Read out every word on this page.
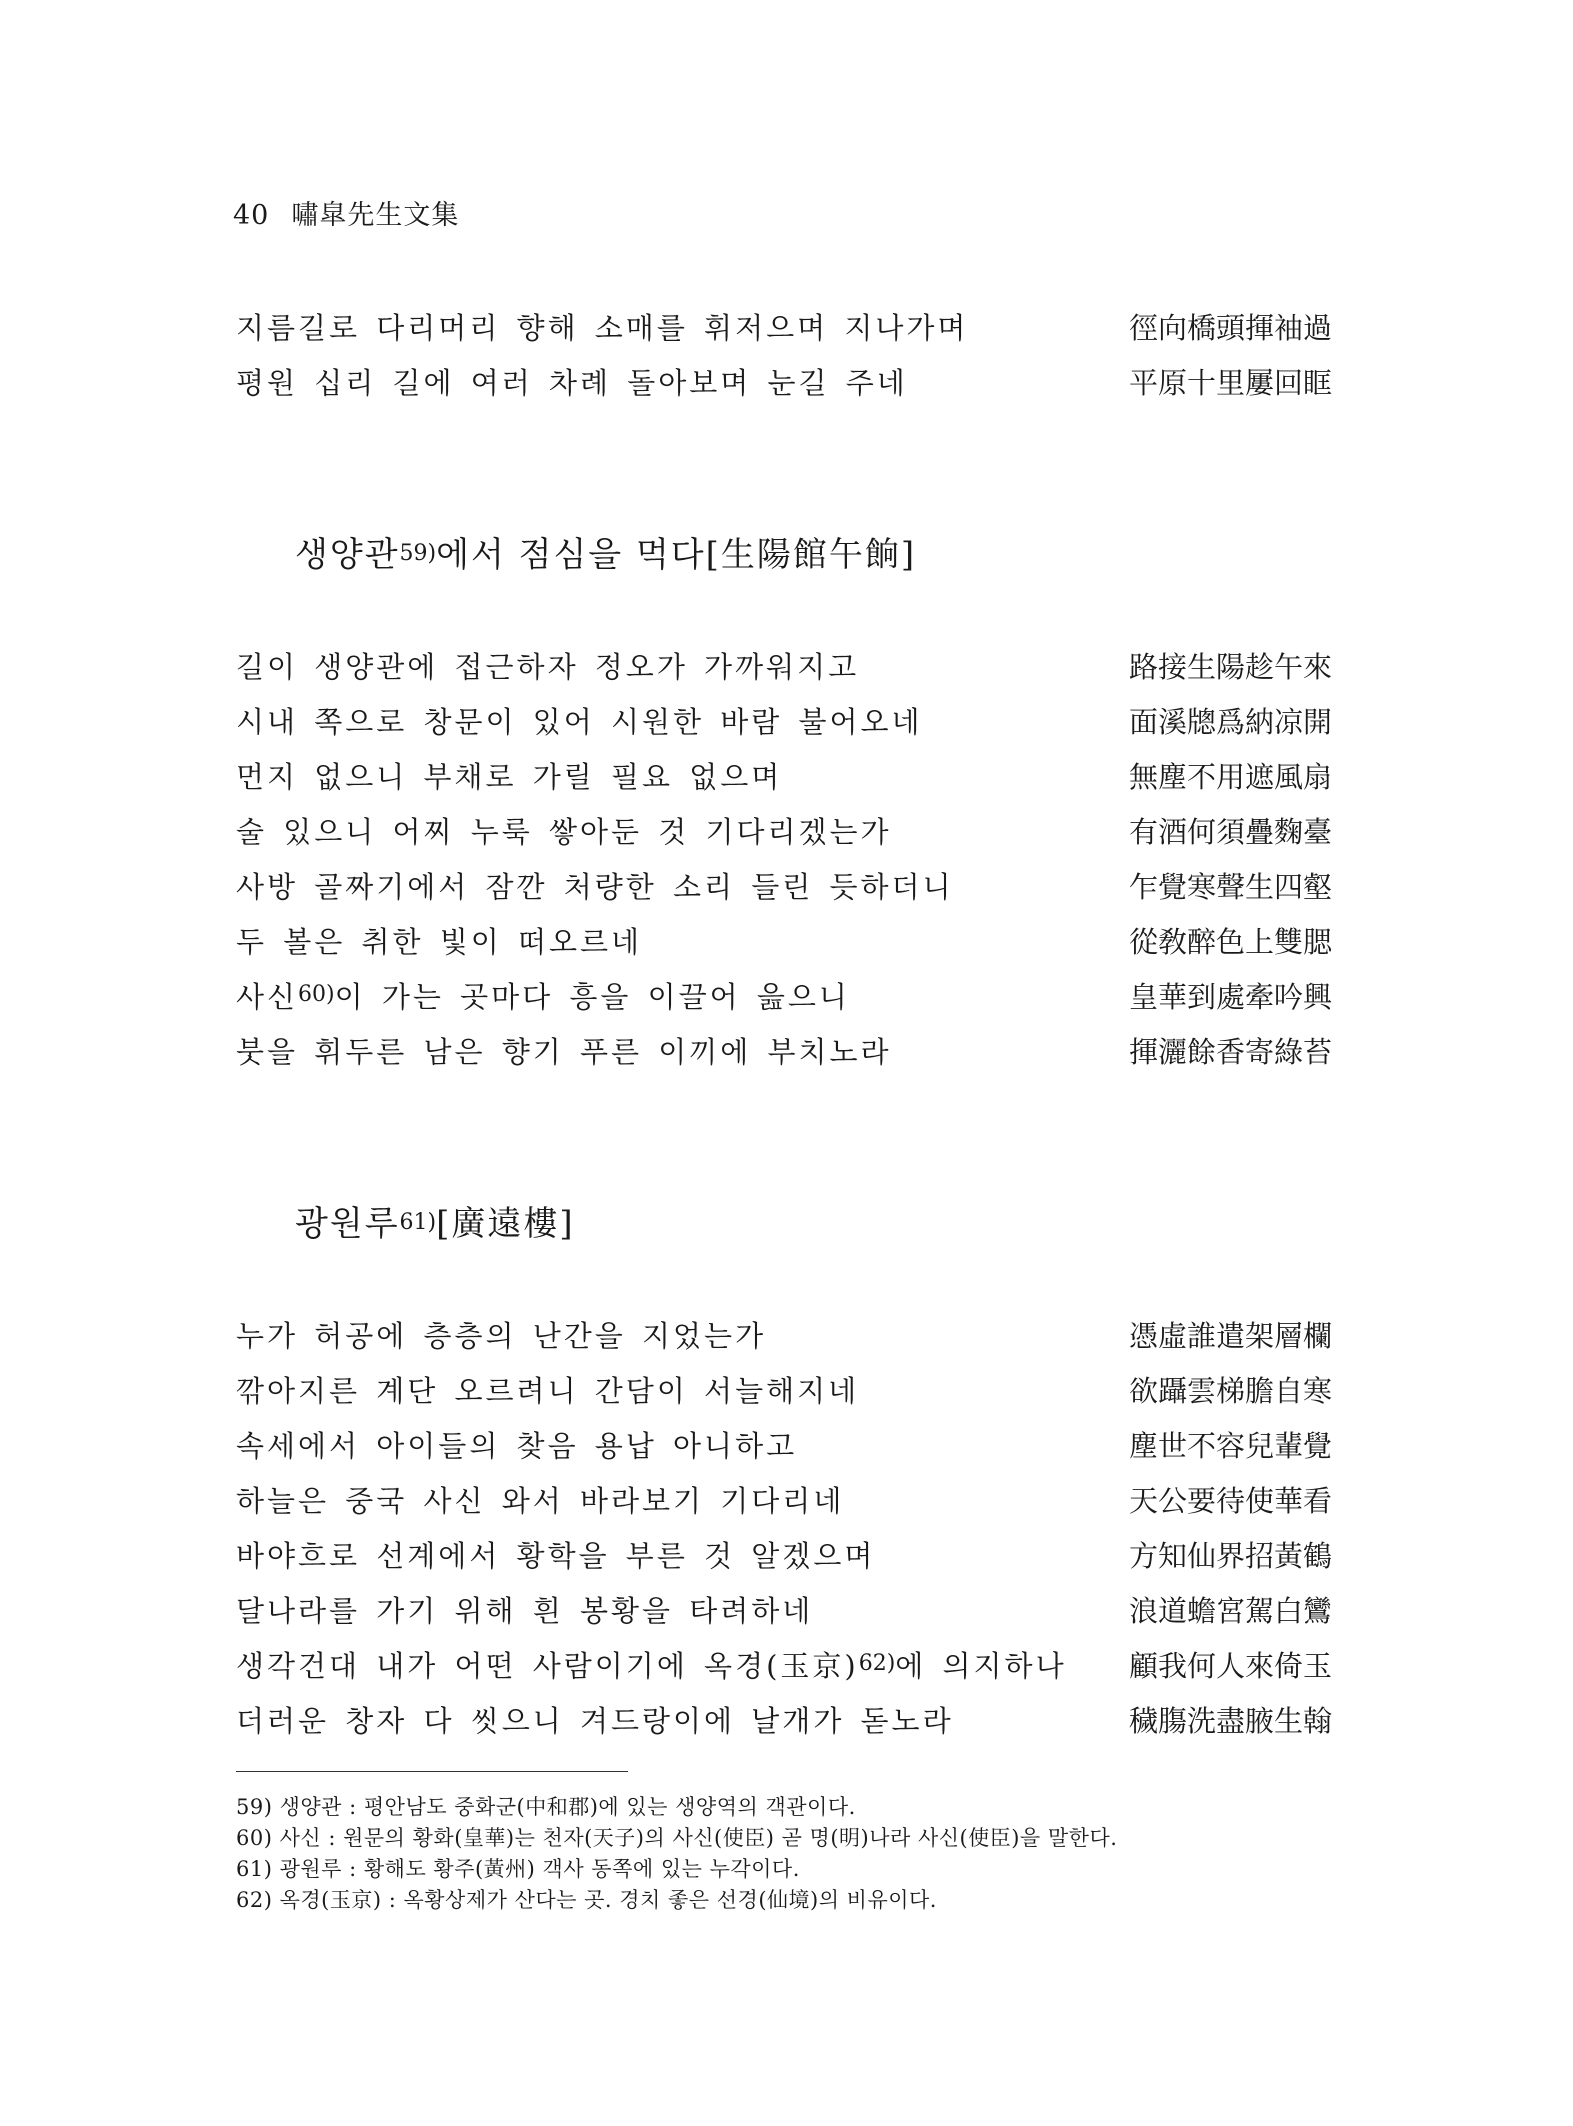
40 嘯皐先生文集
지름길로 다리머리 향해 소매를 휘저으며 지나가며	徑向橋頭揮袖過
평원 십리 길에 여러 차례 돌아보며 눈길 주네	平原十里屢回眶
생양관$^{59)}$에서 점심을 먹다[生陽館午餉]
길이 생양관에 접근하자 정오가 가까워지고	路接生陽趁午來
시내 쪽으로 창문이 있어 시원한 바람 불어오네	面溪牕爲納凉開
먼지 없으니 부채로 가릴 필요 없으며	無塵不用遮風扇
술 있으니 어찌 누룩 쌓아둔 것 기다리겠는가	有酒何須疊麴臺
사방 골짜기에서 잠깐 처량한 소리 들린 듯하더니	乍覺寒聲生四壑
두 볼은 취한 빛이 떠오르네	從敎醉色上雙腮
사신$^{60)}$이 가는 곳마다 흥을 이끌어 읊으니	皇華到處牽吟興
붓을 휘두른 남은 향기 푸른 이끼에 부치노라	揮灑餘香寄綠苔
광원루$^{61)}$[廣遠樓]
누가 허공에 층층의 난간을 지었는가	憑虛誰遣架層欄
깎아지른 계단 오르려니 간담이 서늘해지네	欲躡雲梯膽自寒
속세에서 아이들의 찾음 용납 아니하고	塵世不容兒輩覺
하늘은 중국 사신 와서 바라보기 기다리네	天公要待使華看
바야흐로 선계에서 황학을 부른 것 알겠으며	方知仙界招黃鶴
달나라를 가기 위해 흰 봉황을 타려하네	浪道蟾宮駕白鸞
생각건대 내가 어떤 사람이기에 옥경(玉京)$^{62)}$에 의지하나 顧我何人來倚玉
더러운 창자 다 씻으니 겨드랑이에 날개가 돋노라	穢膓洗盡腋生翰
59) 생양관 : 평안남도 중화군(中和郡)에 있는 생양역의 객관이다.
60) 사신 : 원문의 황화(皇華)는 천자(天子)의 사신(使臣) 곧 명(明)나라 사신(使臣)을 말한다.
61) 광원루 : 황해도 황주(黃州) 객사 동쪽에 있는 누각이다.
62) 옥경(玉京) : 옥황상제가 산다는 곳. 경치 좋은 선경(仙境)의 비유이다.
